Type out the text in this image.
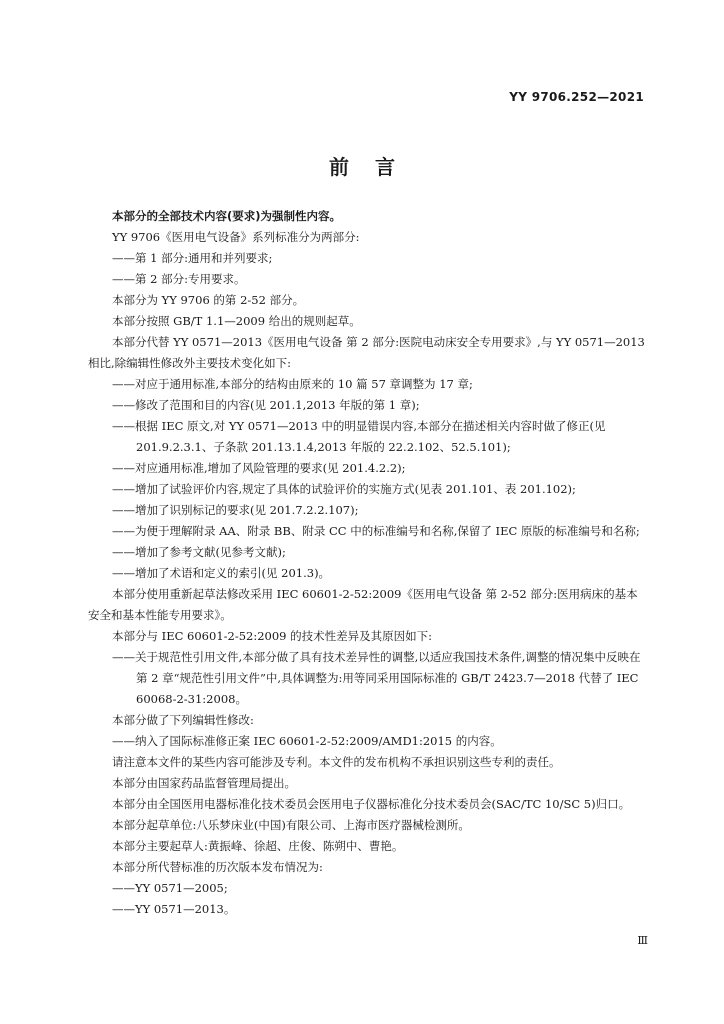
YY 9706.252—2021
前言

本部分的全部技术内容(要求)为强制性内容。

YY 9706《医用电气设备》系列标准分为两部分:

——第 1 部分:通用和并列要求;

——第 2 部分:专用要求。

本部分为 YY 9706 的第 2-52 部分。

本部分按照 GB/T 1.1—2009 给出的规则起草。

本部分代替 YY 0571—2013《医用电气设备 第 2 部分:医院电动床安全专用要求》,与 YY 0571—2013 相比,除编辑性修改外主要技术变化如下:

——对应于通用标准,本部分的结构由原来的 10 篇 57 章调整为 17 章;

——修改了范围和目的内容(见 201.1,2013 年版的第 1 章);

——根据 IEC 原文,对 YY 0571—2013 中的明显错误内容,本部分在描述相关内容时做了修正(见 201.9.2.3.1、子条款 201.13.1.4,2013 年版的 22.2.102、52.5.101);

——对应通用标准,增加了风险管理的要求(见 201.4.2.2);

——增加了试验评价内容,规定了具体的试验评价的实施方式(见表 201.101、表 201.102);

——增加了识别标记的要求(见 201.7.2.2.107);

——为便于理解附录 AA、附录 BB、附录 CC 中的标准编号和名称,保留了 IEC 原版的标准编号和名称;

——增加了参考文献(见参考文献);

——增加了术语和定义的索引(见 201.3)。

本部分使用重新起草法修改采用 IEC 60601-2-52:2009《医用电气设备 第 2-52 部分:医用病床的基本安全和基本性能专用要求》。

本部分与 IEC 60601-2-52:2009 的技术性差异及其原因如下:

——关于规范性引用文件,本部分做了具有技术差异性的调整,以适应我国技术条件,调整的情况集中反映在第 2 章“规范性引用文件”中,具体调整为:用等同采用国际标准的 GB/T 2423.7—2018 代替了 IEC 60068-2-31:2008。

本部分做了下列编辑性修改:

——纳入了国际标准修正案 IEC 60601-2-52:2009/AMD1:2015 的内容。

请注意本文件的某些内容可能涉及专利。本文件的发布机构不承担识别这些专利的责任。

本部分由国家药品监督管理局提出。

本部分由全国医用电器标准化技术委员会医用电子仪器标准化分技术委员会(SAC/TC 10/SC 5)归口。

本部分起草单位:八乐梦床业(中国)有限公司、上海市医疗器械检测所。

本部分主要起草人:黄振峰、徐超、庄俊、陈朔中、曹艳。

本部分所代替标准的历次版本发布情况为:

——YY 0571—2005;

——YY 0571—2013。

Ⅲ
